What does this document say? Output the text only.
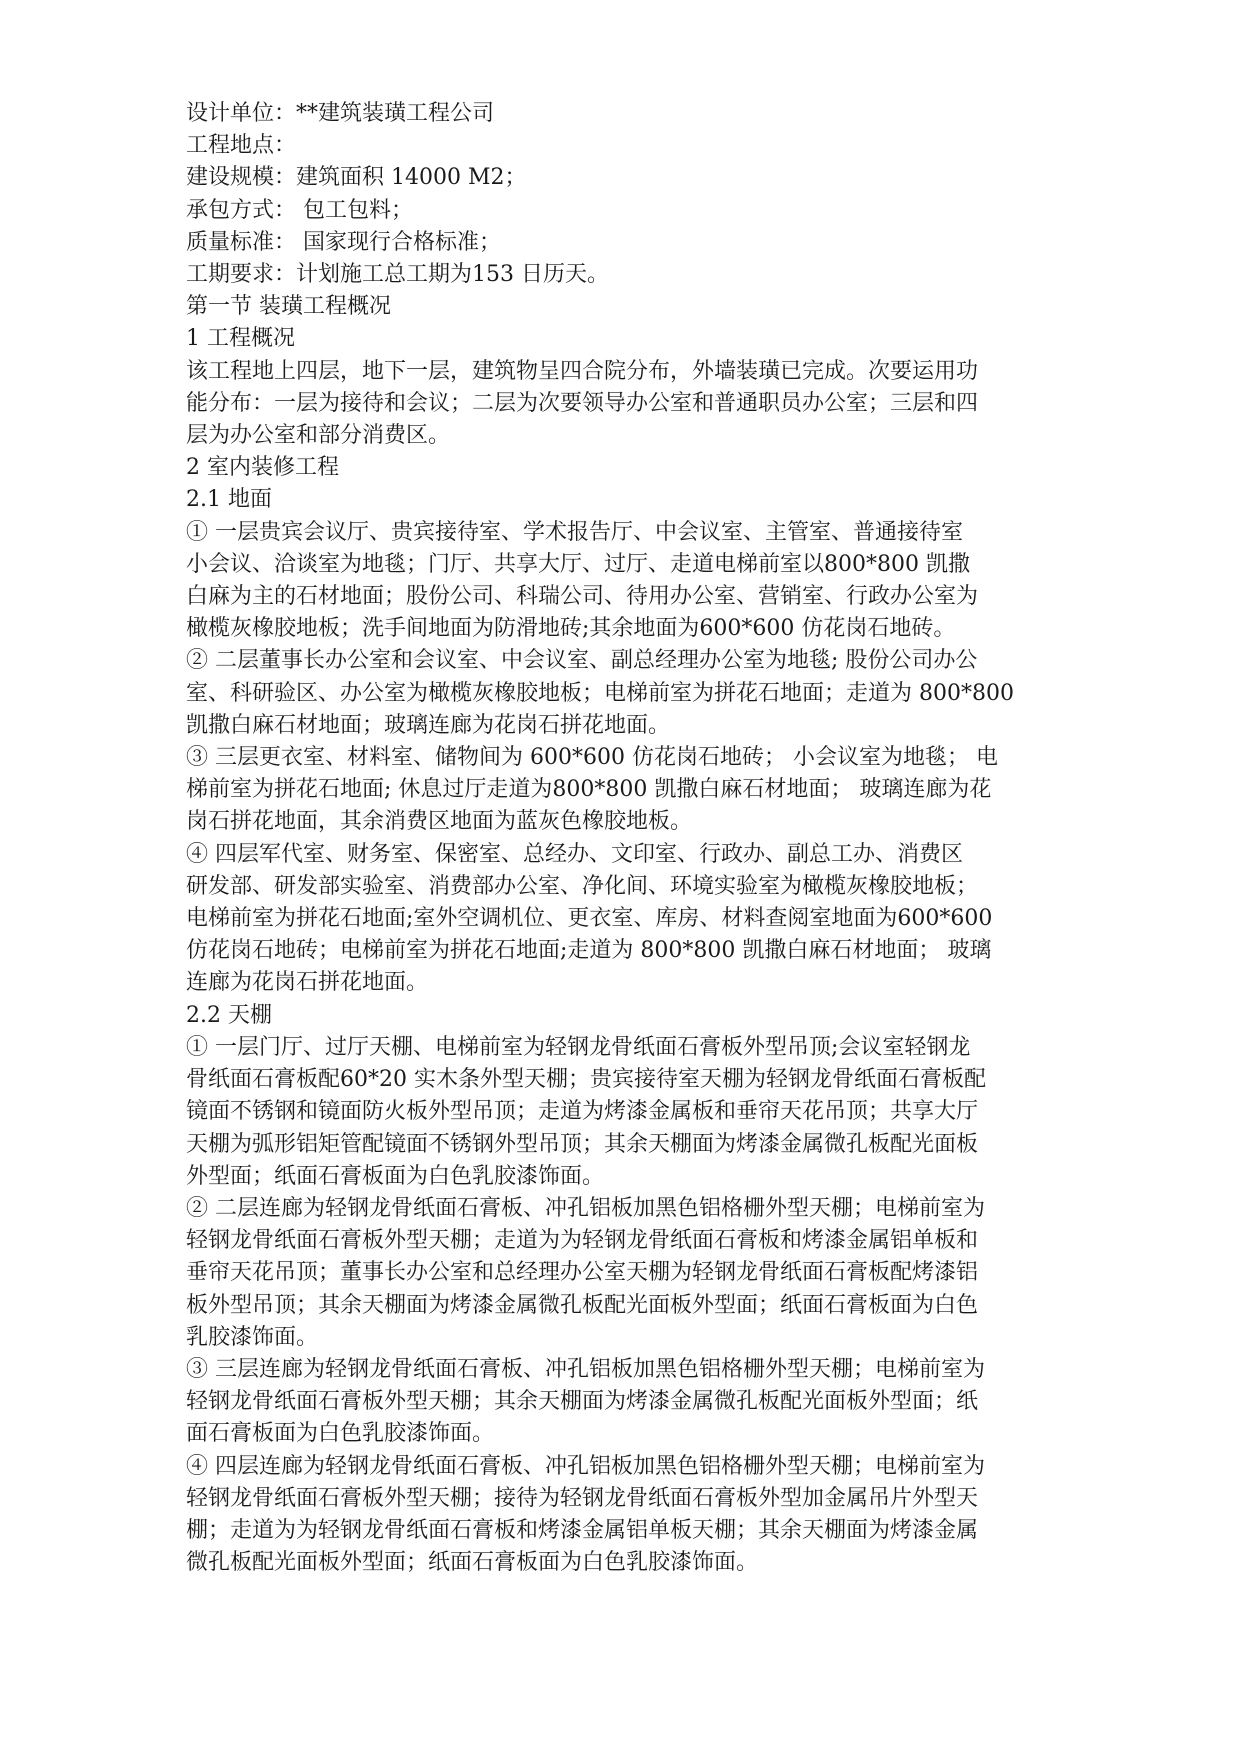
设计单位：**建筑装璜工程公司

工程地点：

建设规模：建筑面积 14000 M2；

承包方式： 包工包料；

质量标准： 国家现行合格标准；

工期要求：计划施工总工期为153 日历天。

第一节 装璜工程概况

1 工程概况

该工程地上四层，地下一层，建筑物呈四合院分布，外墙装璜已完成。次要运用功

能分布：一层为接待和会议；二层为次要领导办公室和普通职员办公室；三层和四

层为办公室和部分消费区。

2 室内装修工程

2.1 地面

① 一层贵宾会议厅、贵宾接待室、学术报告厅、中会议室、主管室、普通接待室

小会议、洽谈室为地毯；门厅、共享大厅、过厅、走道电梯前室以800*800 凯撒

白麻为主的石材地面；股份公司、科瑞公司、待用办公室、营销室、行政办公室为

橄榄灰橡胶地板；洗手间地面为防滑地砖;其余地面为600*600 仿花岗石地砖。

② 二层董事长办公室和会议室、中会议室、副总经理办公室为地毯; 股份公司办公

室、科研验区、办公室为橄榄灰橡胶地板；电梯前室为拼花石地面；走道为 800*800

凯撒白麻石材地面；玻璃连廊为花岗石拼花地面。

③ 三层更衣室、材料室、储物间为 600*600 仿花岗石地砖； 小会议室为地毯； 电

梯前室为拼花石地面; 休息过厅走道为800*800 凯撒白麻石材地面； 玻璃连廊为花

岗石拼花地面，其余消费区地面为蓝灰色橡胶地板。

④ 四层军代室、财务室、保密室、总经办、文印室、行政办、副总工办、消费区

研发部、研发部实验室、消费部办公室、净化间、环境实验室为橄榄灰橡胶地板；

电梯前室为拼花石地面;室外空调机位、更衣室、库房、材料查阅室地面为600*600

仿花岗石地砖；电梯前室为拼花石地面;走道为 800*800 凯撒白麻石材地面； 玻璃

连廊为花岗石拼花地面。

2.2 天棚

① 一层门厅、过厅天棚、电梯前室为轻钢龙骨纸面石膏板外型吊顶;会议室轻钢龙

骨纸面石膏板配60*20 实木条外型天棚；贵宾接待室天棚为轻钢龙骨纸面石膏板配

镜面不锈钢和镜面防火板外型吊顶；走道为烤漆金属板和垂帘天花吊顶；共享大厅

天棚为弧形铝矩管配镜面不锈钢外型吊顶；其余天棚面为烤漆金属微孔板配光面板

外型面；纸面石膏板面为白色乳胶漆饰面。

② 二层连廊为轻钢龙骨纸面石膏板、冲孔铝板加黑色铝格栅外型天棚；电梯前室为

轻钢龙骨纸面石膏板外型天棚；走道为为轻钢龙骨纸面石膏板和烤漆金属铝单板和

垂帘天花吊顶；董事长办公室和总经理办公室天棚为轻钢龙骨纸面石膏板配烤漆铝

板外型吊顶；其余天棚面为烤漆金属微孔板配光面板外型面；纸面石膏板面为白色

乳胶漆饰面。

③ 三层连廊为轻钢龙骨纸面石膏板、冲孔铝板加黑色铝格栅外型天棚；电梯前室为

轻钢龙骨纸面石膏板外型天棚；其余天棚面为烤漆金属微孔板配光面板外型面；纸

面石膏板面为白色乳胶漆饰面。

④ 四层连廊为轻钢龙骨纸面石膏板、冲孔铝板加黑色铝格栅外型天棚；电梯前室为

轻钢龙骨纸面石膏板外型天棚；接待为轻钢龙骨纸面石膏板外型加金属吊片外型天

棚；走道为为轻钢龙骨纸面石膏板和烤漆金属铝单板天棚；其余天棚面为烤漆金属

微孔板配光面板外型面；纸面石膏板面为白色乳胶漆饰面。
